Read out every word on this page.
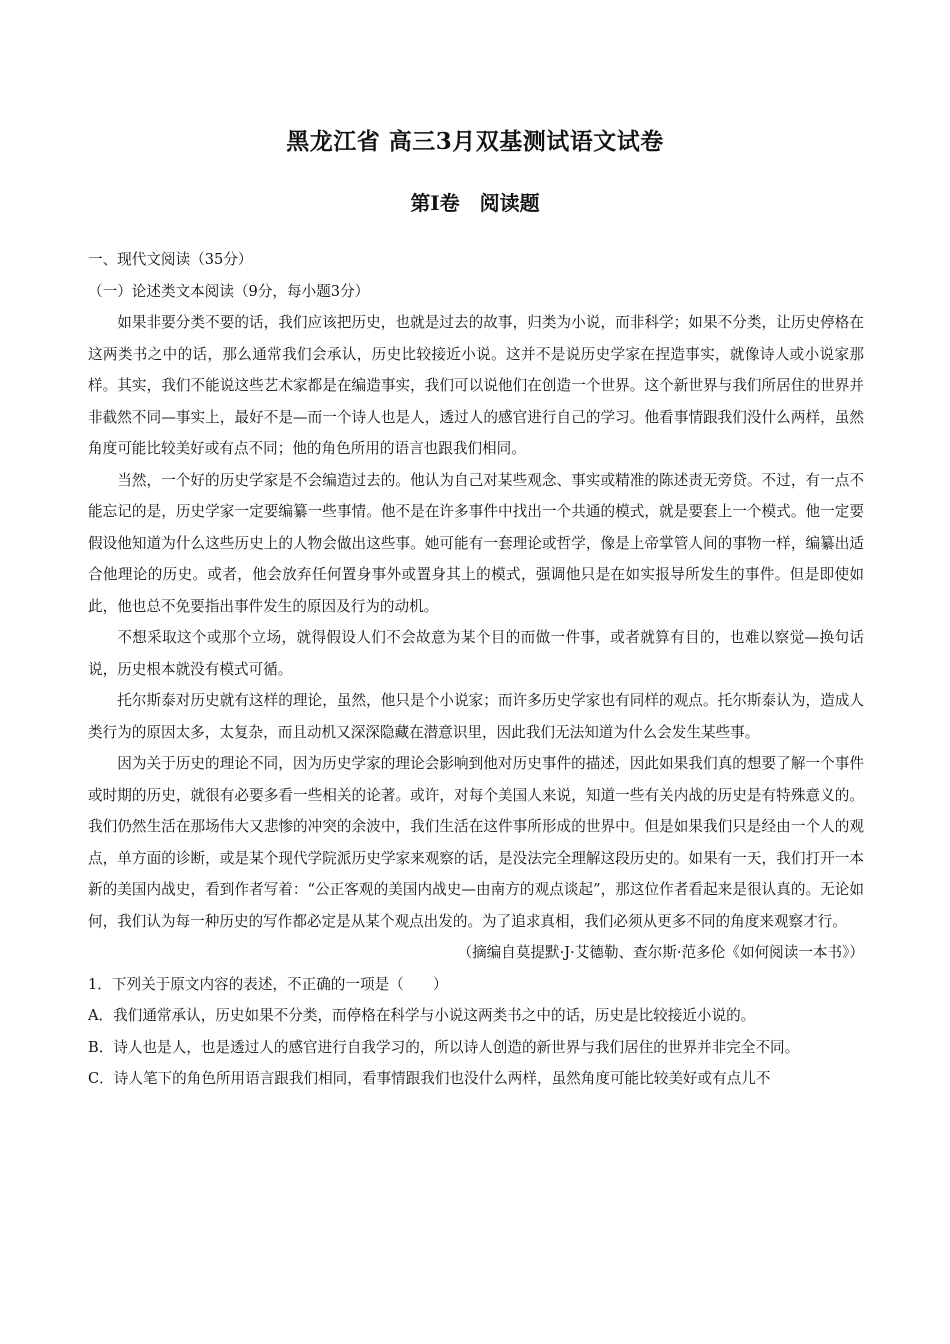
黑龙江省 高三3月双基测试语文试卷
第Ⅰ卷　阅读题

一、现代文阅读（35分）

（一）论述类文本阅读（9分，每小题3分）

如果非要分类不要的话，我们应该把历史，也就是过去的故事，归类为小说，而非科学；如果不分类，让历史停格在这两类书之中的话，那么通常我们会承认，历史比较接近小说。这并不是说历史学家在捏造事实，就像诗人或小说家那样。其实，我们不能说这些艺术家都是在编造事实，我们可以说他们在创造一个世界。这个新世界与我们所居住的世界并非截然不同—事实上，最好不是—而一个诗人也是人，透过人的感官进行自己的学习。他看事情跟我们没什么两样，虽然角度可能比较美好或有点不同；他的角色所用的语言也跟我们相同。

当然，一个好的历史学家是不会编造过去的。他认为自己对某些观念、事实或精准的陈述责无旁贷。不过，有一点不能忘记的是，历史学家一定要编纂一些事情。他不是在许多事件中找出一个共通的模式，就是要套上一个模式。他一定要假设他知道为什么这些历史上的人物会做出这些事。她可能有一套理论或哲学，像是上帝掌管人间的事物一样，编纂出适合他理论的历史。或者，他会放弃任何置身事外或置身其上的模式，强调他只是在如实报导所发生的事件。但是即使如此，他也总不免要指出事件发生的原因及行为的动机。

不想采取这个或那个立场，就得假设人们不会故意为某个目的而做一件事，或者就算有目的，也难以察觉—换句话说，历史根本就没有模式可循。

托尔斯泰对历史就有这样的理论，虽然，他只是个小说家；而许多历史学家也有同样的观点。托尔斯泰认为，造成人类行为的原因太多，太复杂，而且动机又深深隐藏在潜意识里，因此我们无法知道为什么会发生某些事。

因为关于历史的理论不同，因为历史学家的理论会影响到他对历史事件的描述，因此如果我们真的想要了解一个事件或时期的历史，就很有必要多看一些相关的论著。或许，对每个美国人来说，知道一些有关内战的历史是有特殊意义的。我们仍然生活在那场伟大又悲惨的冲突的余波中，我们生活在这件事所形成的世界中。但是如果我们只是经由一个人的观点，单方面的诊断，或是某个现代学院派历史学家来观察的话，是没法完全理解这段历史的。如果有一天，我们打开一本新的美国内战史，看到作者写着：“公正客观的美国内战史—由南方的观点谈起”，那这位作者看起来是很认真的。无论如何，我们认为每一种历史的写作都必定是从某个观点出发的。为了追求真相，我们必须从更多不同的角度来观察才行。

（摘编自莫提默·J·艾德勒、查尔斯·范多伦《如何阅读一本书》）

1．下列关于原文内容的表述，不正确的一项是（　　）

A．我们通常承认，历史如果不分类，而停格在科学与小说这两类书之中的话，历史是比较接近小说的。

B．诗人也是人，也是透过人的感官进行自我学习的，所以诗人创造的新世界与我们居住的世界并非完全不同。

C．诗人笔下的角色所用语言跟我们相同，看事情跟我们也没什么两样，虽然角度可能比较美好或有点儿不
